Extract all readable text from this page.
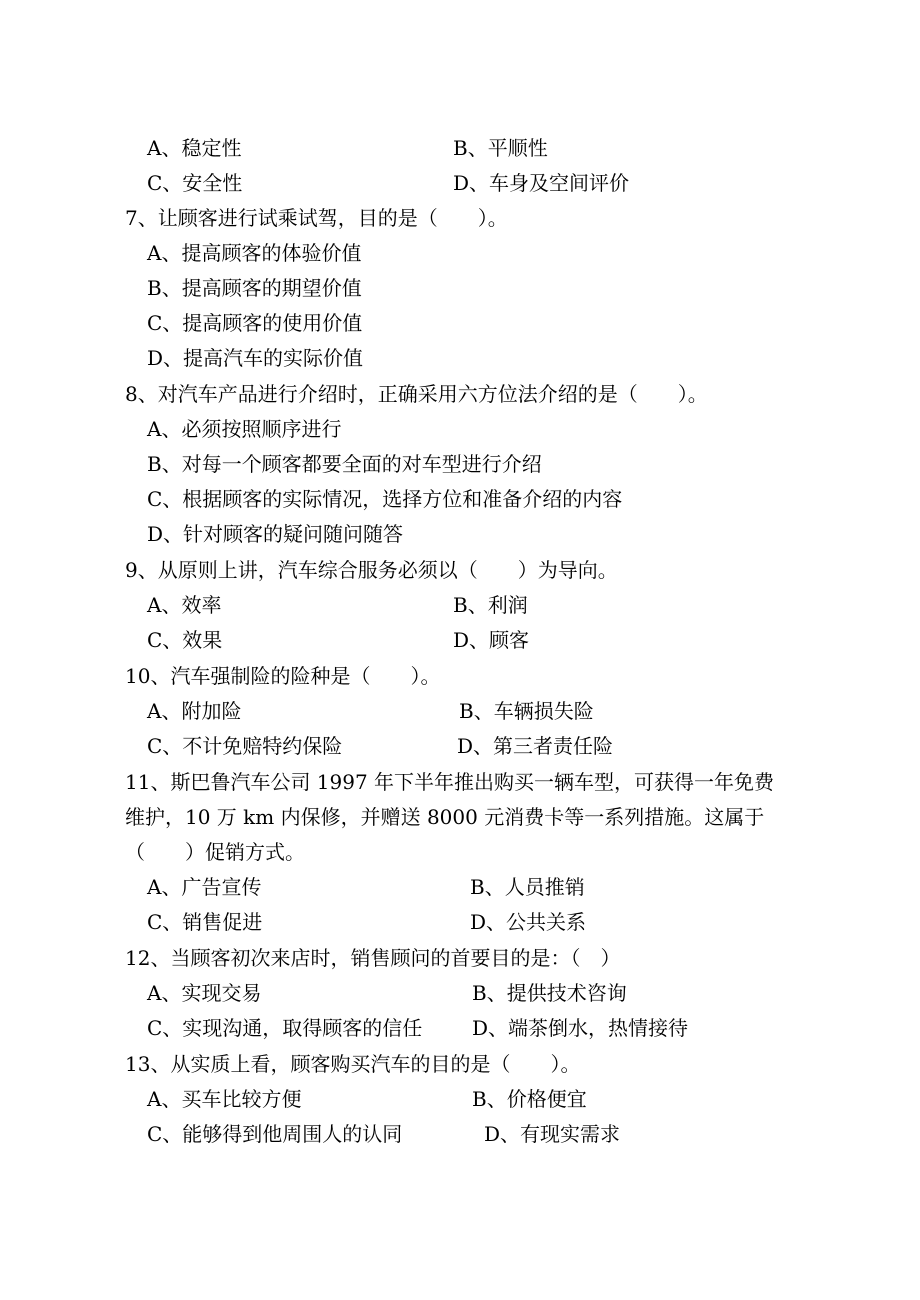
A、稳定性	B、平顺性
C、安全性	D、车身及空间评价
7、让顾客进行试乘试驾，目的是（　　）。
A、提高顾客的体验价值
B、提高顾客的期望价值
C、提高顾客的使用价值
D、提高汽车的实际价值
8、对汽车产品进行介绍时，正确采用六方位法介绍的是（　　）。
A、必须按照顺序进行
B、对每一个顾客都要全面的对车型进行介绍
C、根据顾客的实际情况，选择方位和准备介绍的内容
D、针对顾客的疑问随问随答
9、从原则上讲，汽车综合服务必须以（　　）为导向。
A、效率	B、利润
C、效果	D、顾客
10、汽车强制险的险种是（　　）。
A、附加险	B、车辆损失险
C、不计免赔特约保险	D、第三者责任险
11、斯巴鲁汽车公司 1997 年下半年推出购买一辆车型，可获得一年免费
维护，10 万 km 内保修，并赠送 8000 元消费卡等一系列措施。这属于
（　　）促销方式。
A、广告宣传	B、人员推销
C、销售促进	D、公共关系
12、当顾客初次来店时，销售顾问的首要目的是：（　）
A、实现交易	B、提供技术咨询
C、实现沟通，取得顾客的信任 D、端茶倒水，热情接待
13、从实质上看，顾客购买汽车的目的是（　　）。
A、买车比较方便	B、价格便宜
C、能够得到他周围人的认同	D、有现实需求
